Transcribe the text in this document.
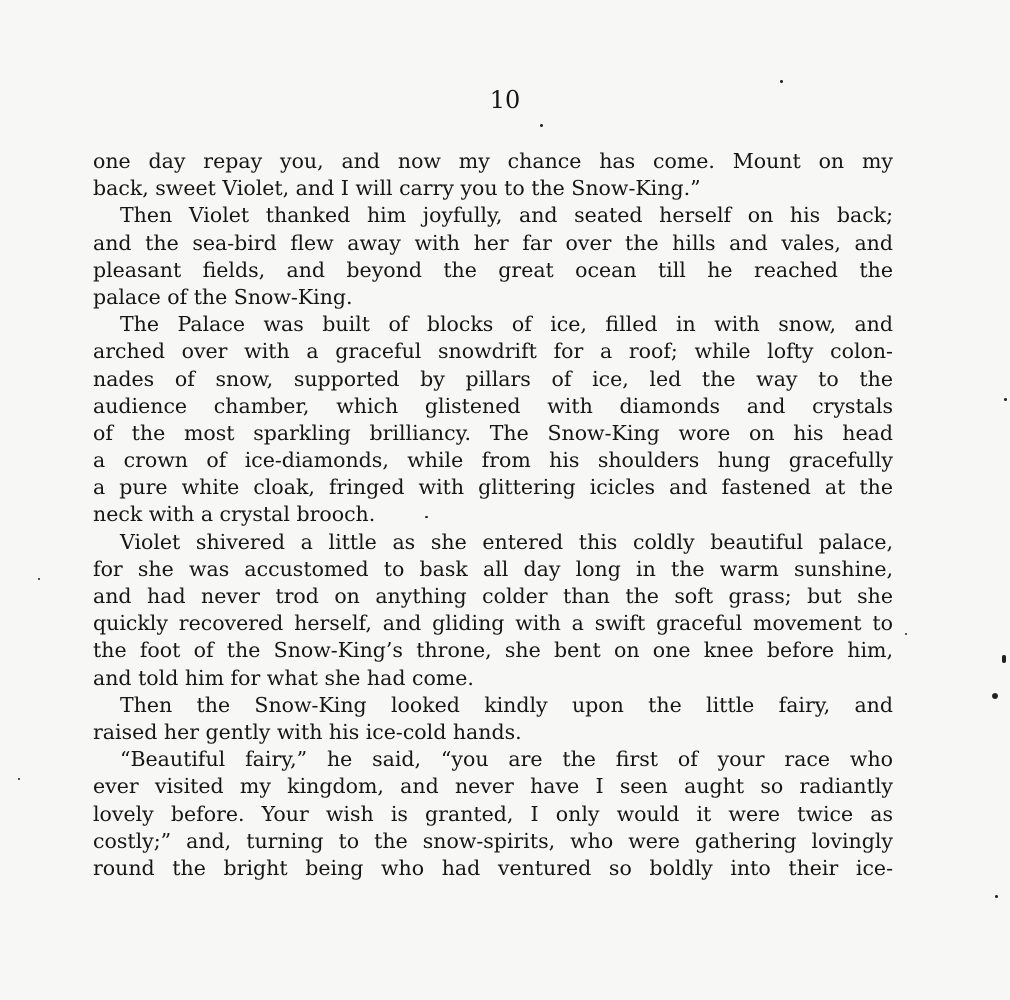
10
one day repay you, and now my chance has come. Mount on my
back, sweet Violet, and I will carry you to the Snow-King.”
Then Violet thanked him joyfully, and seated herself on his back;
and the sea-bird flew away with her far over the hills and vales, and
pleasant fields, and beyond the great ocean till he reached the
palace of the Snow-King.
The Palace was built of blocks of ice, filled in with snow, and
arched over with a graceful snowdrift for a roof; while lofty colon-
nades of snow, supported by pillars of ice, led the way to the
audience chamber, which glistened with diamonds and crystals
of the most sparkling brilliancy. The Snow-King wore on his head
a crown of ice-diamonds, while from his shoulders hung gracefully
a pure white cloak, fringed with glittering icicles and fastened at the
neck with a crystal brooch.
Violet shivered a little as she entered this coldly beautiful palace,
for she was accustomed to bask all day long in the warm sunshine,
and had never trod on anything colder than the soft grass; but she
quickly recovered herself, and gliding with a swift graceful movement to
the foot of the Snow-King’s throne, she bent on one knee before him,
and told him for what she had come.
Then the Snow-King looked kindly upon the little fairy, and
raised her gently with his ice-cold hands.
“Beautiful fairy,” he said, “you are the first of your race who
ever visited my kingdom, and never have I seen aught so radiantly
lovely before. Your wish is granted, I only would it were twice as
costly;” and, turning to the snow-spirits, who were gathering lovingly
round the bright being who had ventured so boldly into their ice-
